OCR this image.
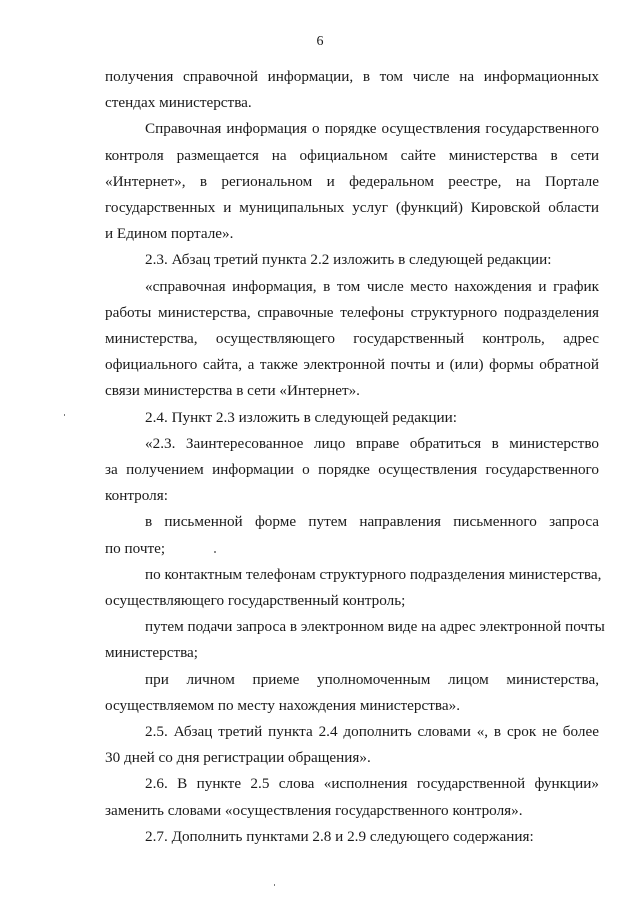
6
получения справочной информации, в том числе на информационных
стендах министерства.
Справочная информация о порядке осуществления государственного
контроля размещается на официальном сайте министерства в сети
«Интернет», в региональном и федеральном реестре, на Портале
государственных и муниципальных услуг (функций) Кировской области
и Едином портале».
2.3. Абзац третий пункта 2.2 изложить в следующей редакции:
«справочная информация, в том числе место нахождения и график
работы министерства, справочные телефоны структурного подразделения
министерства, осуществляющего государственный контроль, адрес
официального сайта, а также электронной почты и (или) формы обратной
связи министерства в сети «Интернет».
2.4. Пункт 2.3 изложить в следующей редакции:
«2.3. Заинтересованное лицо вправе обратиться в министерство
за получением информации о порядке осуществления государственного
контроля:
в письменной форме путем направления письменного запроса
по почте;
по контактным телефонам структурного подразделения министерства,
осуществляющего государственный контроль;
путем подачи запроса в электронном виде на адрес электронной почты
министерства;
при личном приеме уполномоченным лицом министерства,
осуществляемом по месту нахождения министерства».
2.5. Абзац третий пункта 2.4 дополнить словами «, в срок не более
30 дней со дня регистрации обращения».
2.6. В пункте 2.5 слова «исполнения государственной функции»
заменить словами «осуществления государственного контроля».
2.7. Дополнить пунктами 2.8 и 2.9 следующего содержания:
